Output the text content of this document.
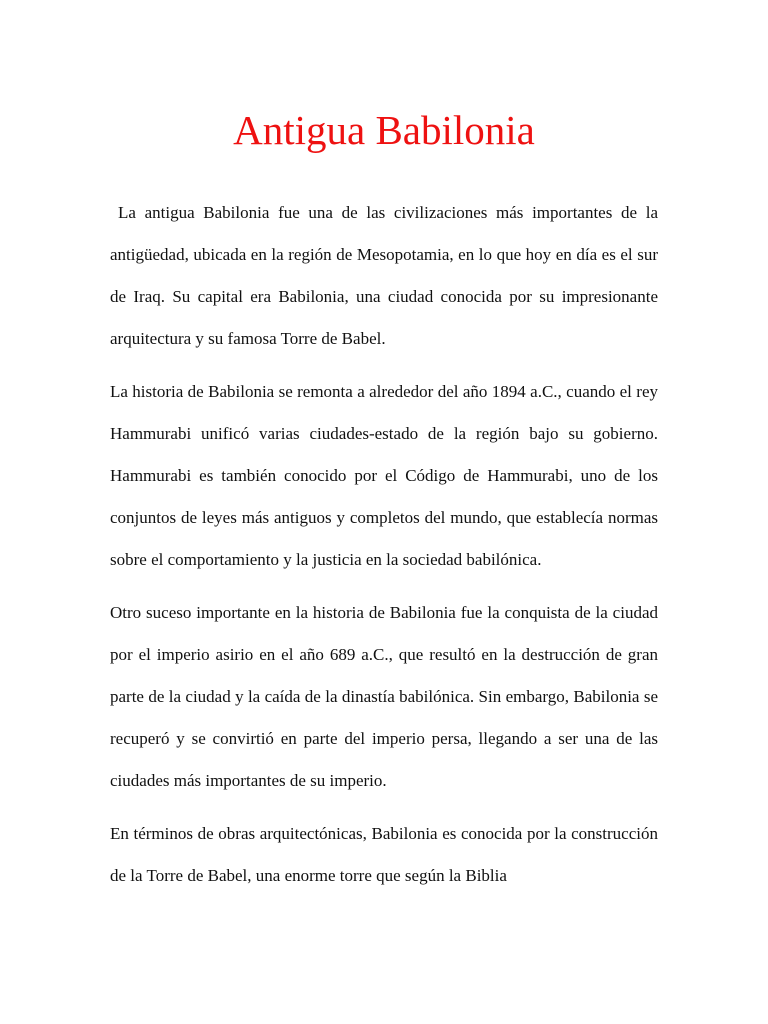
Antigua Babilonia

La antigua Babilonia fue una de las civilizaciones más importantes de la antigüedad, ubicada en la región de Mesopotamia, en lo que hoy en día es el sur de Iraq. Su capital era Babilonia, una ciudad conocida por su impresionante arquitectura y su famosa Torre de Babel.

La historia de Babilonia se remonta a alrededor del año 1894 a.C., cuando el rey Hammurabi unificó varias ciudades-estado de la región bajo su gobierno. Hammurabi es también conocido por el Código de Hammurabi, uno de los conjuntos de leyes más antiguos y completos del mundo, que establecía normas sobre el comportamiento y la justicia en la sociedad babilónica.

Otro suceso importante en la historia de Babilonia fue la conquista de la ciudad por el imperio asirio en el año 689 a.C., que resultó en la destrucción de gran parte de la ciudad y la caída de la dinastía babilónica. Sin embargo, Babilonia se recuperó y se convirtió en parte del imperio persa, llegando a ser una de las ciudades más importantes de su imperio.

En términos de obras arquitectónicas, Babilonia es conocida por la construcción de la Torre de Babel, una enorme torre que según la Biblia
